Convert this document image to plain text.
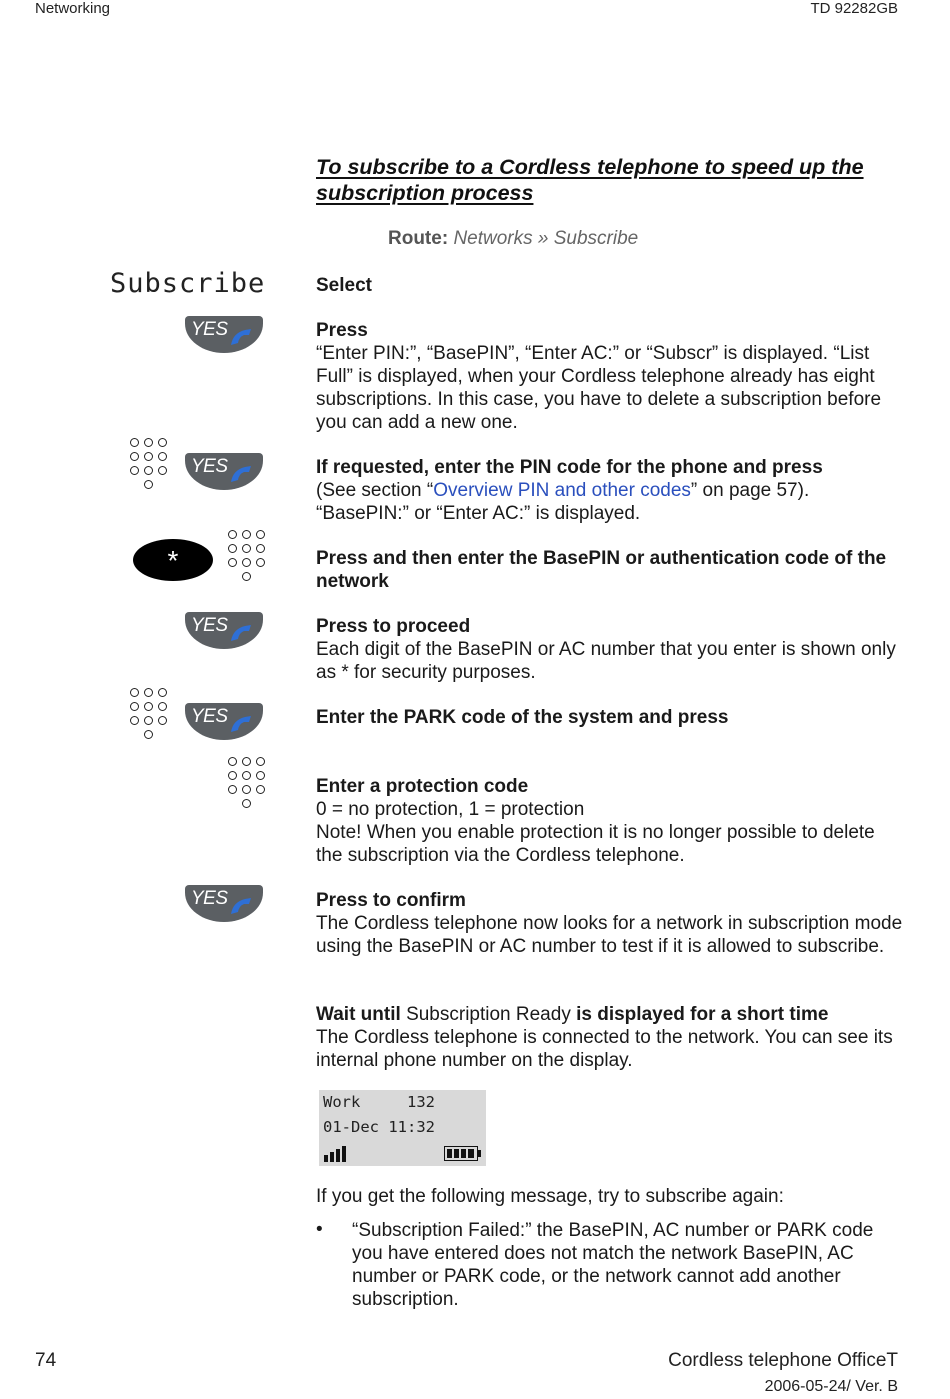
Networking	TD 92282GB
To subscribe to a Cordless telephone to speed up the subscription process
Route: Networks » Subscribe
Subscribe
YES
YES
*
YES
YES
YES
Select
Press
“Enter PIN:”, “BasePIN”, “Enter AC:” or “Subscr” is displayed. “List Full” is displayed, when your Cordless telephone already has eight subscriptions. In this case, you have to delete a subscription before you can add a new one.
If requested, enter the PIN code for the phone and press
(See section “Overview PIN and other codes” on page 57). “BasePIN:” or “Enter AC:” is displayed.
Press and then enter the BasePIN or authentication code of the network
Press to proceed
Each digit of the BasePIN or AC number that you enter is shown only as * for security purposes.
Enter the PARK code of the system and press
Enter a protection code
0 = no protection, 1 = protection
Note! When you enable protection it is no longer possible to delete the subscription via the Cordless telephone.
Press to confirm
The Cordless telephone now looks for a network in subscription mode using the BasePIN or AC number to test if it is allowed to subscribe.
Wait until Subscription Ready is displayed for a short time
The Cordless telephone is connected to the network. You can see its internal phone number on the display.
Work     132
01-Dec 11:32
If you get the following message, try to subscribe again:
• “Subscription Failed:” the BasePIN, AC number or PARK code you have entered does not match the network BasePIN, AC number or PARK code, or the network cannot add another subscription.
74	Cordless telephone OfficeT
2006-05-24/ Ver. B
